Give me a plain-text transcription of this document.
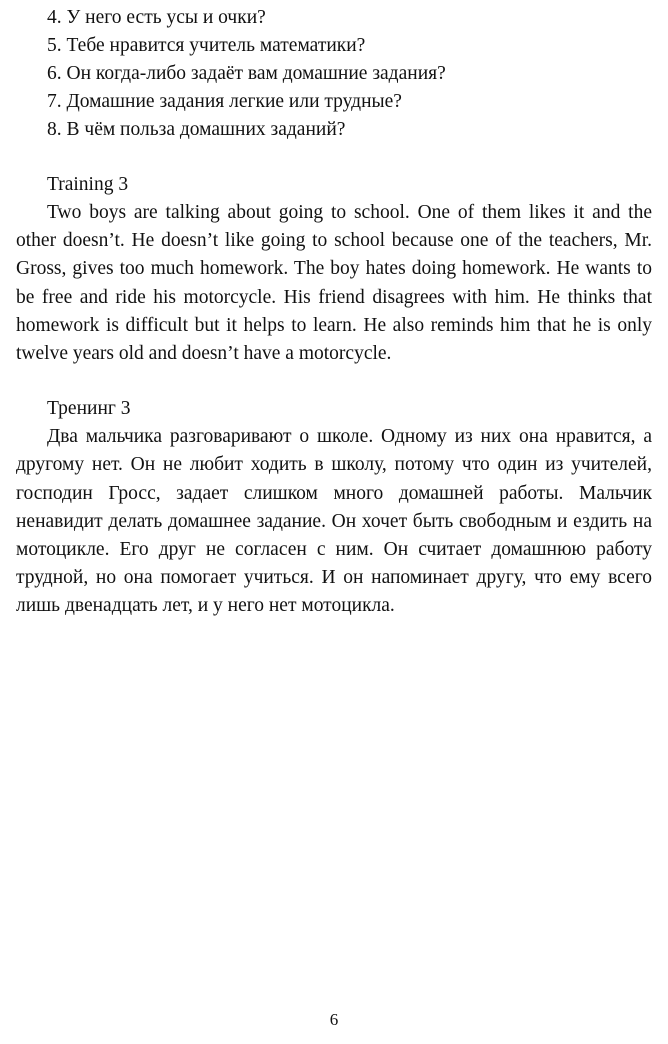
4. У него есть усы и очки?
5. Тебе нравится учитель математики?
6. Он когда-либо задаёт вам домашние задания?
7. Домашние задания легкие или трудные?
8. В чём польза домашних заданий?
Training 3

Two boys are talking about going to school. One of them likes it and the other doesn’t. He doesn’t like going to school because one of the teachers, Mr. Gross, gives too much homework. The boy hates doing homework. He wants to be free and ride his motorcycle. His friend disagrees with him. He thinks that homework is difficult but it helps to learn. He also reminds him that he is only twelve years old and doesn’t have a motorcycle.

Тренинг 3

Два мальчика разговаривают о школе. Одному из них она нравится, а другому нет. Он не любит ходить в школу, потому что один из учителей, господин Гросс, задает слишком много домашней работы. Мальчик ненавидит делать домашнее задание. Он хочет быть свободным и ездить на мотоцикле. Его друг не согласен с ним. Он считает домашнюю работу трудной, но она помогает учиться. И он напоминает другу, что ему всего лишь двенадцать лет, и у него нет мотоцикла.

6
